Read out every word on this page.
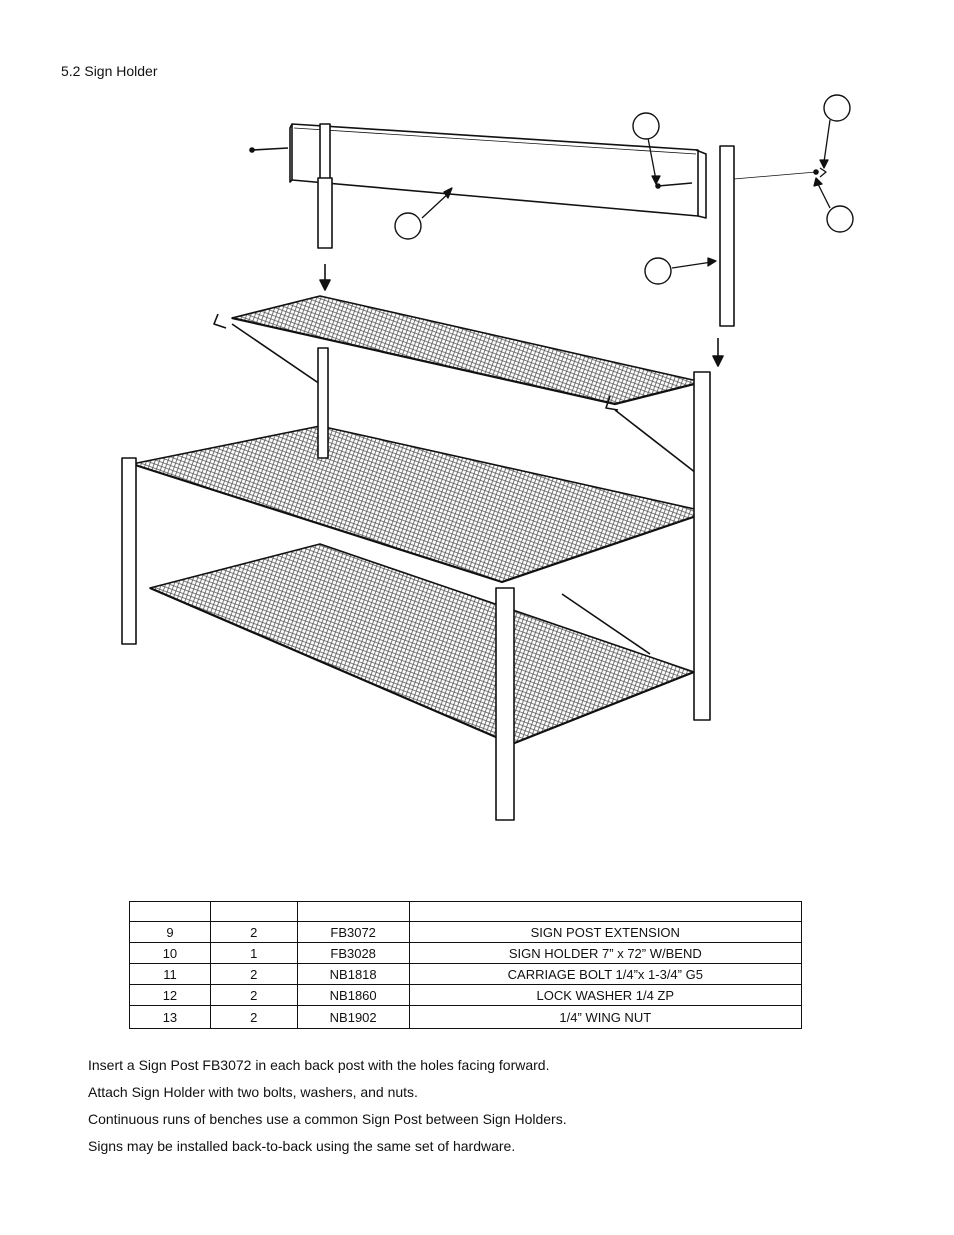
5.2 Sign Holder

9	2	FB3072	SIGN POST EXTENSION
10	1	FB3028	SIGN HOLDER 7” x 72” W/BEND
11	2	NB1818	CARRIAGE BOLT 1/4”x 1-3/4” G5
12	2	NB1860	LOCK WASHER 1/4 ZP
13	2	NB1902	1/4” WING NUT
Insert a Sign Post FB3072 in each back post with the holes facing forward.
Attach Sign Holder with two bolts, washers, and nuts.
Continuous runs of benches use a common Sign Post between Sign Holders.
Signs may be installed back-to-back using the same set of hardware.
